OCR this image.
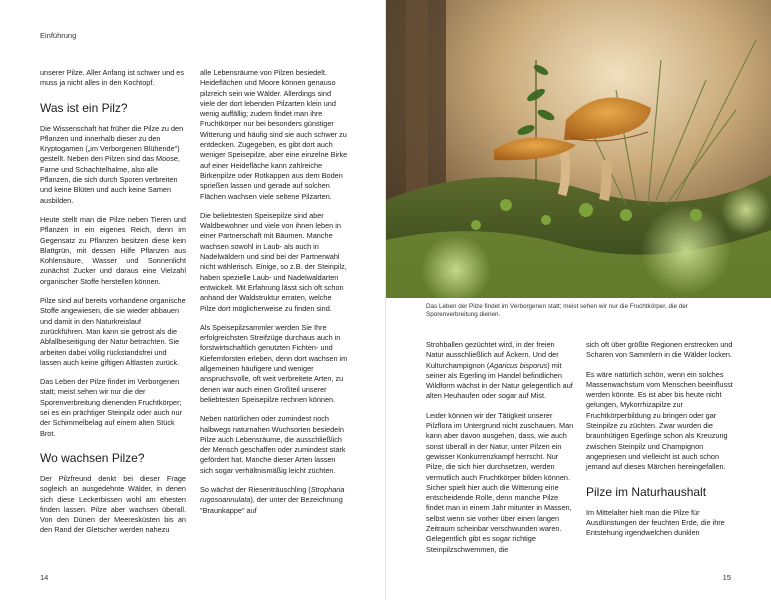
Einführung

unserer Pilze. Aller Anfang ist schwer und es muss ja nicht alles in den Kochtopf.

Was ist ein Pilz?

Die Wissenschaft hat früher die Pilze zu den Pflanzen und innerhalb dieser zu den Kryptogamen („im Verborgenen Blühende") gestellt. Neben den Pilzen sind das Moose, Farne und Schachtelhalme, also alle Pflanzen, die sich durch Sporen verbreiten und keine Blüten und auch keine Samen ausbilden.

Heute stellt man die Pilze neben Tieren und Pflanzen in ein eigenes Reich, denn im Gegensatz zu Pflanzen besitzen diese kein Blattgrün, mit dessen Hilfe Pflanzen aus Kohlensäure, Wasser und Sonnenlicht zunächst Zucker und daraus eine Vielzahl organischer Stoffe herstellen können.

Pilze sind auf bereits vorhandene organische Stoffe angewiesen, die sie wieder abbauen und damit in den Naturkreislauf zurückführen. Man kann sie getrost als die Abfallbeseitigung der Natur betrachten. Sie arbeiten dabei völlig rückstandsfrei und lassen auch keine giftigen Altlasten zurück.

Das Leben der Pilze findet im Verborgenen statt; meist sehen wir nur die der Sporenverbreitung dienenden Fruchtkörper; sei es ein prächtiger Steinpilz oder auch nur der Schimmelbelag auf einem alten Stück Brot.

Wo wachsen Pilze?

Der Pilzfreund denkt bei dieser Frage sogleich an ausgedehnte Wälder, in denen sich diese Leckerbissen wohl am ehesten finden lassen. Pilze aber wachsen überall. Von den Dünen der Meeresküsten bis an den Rand der Gletscher werden nahezu

alle Lebensräume von Pilzen besiedelt. Heideflächen und Moore können genauso pilzreich sein wie Wälder. Allerdings sind viele der dort lebenden Pilzarten klein und wenig auffällig; zudem findet man ihre Fruchtkörper nur bei besonders günstiger Witterung und häufig sind sie auch schwer zu entdecken. Zugegeben, es gibt dort auch weniger Speisepilze, aber eine einzelne Birke auf einer Heidefläche kann zahlreiche Birkenpilze oder Rotkappen aus dem Boden sprießen lassen und gerade auf solchen Flächen wachsen viele seltene Pilzarten.

Die beliebtesten Speisepilze sind aber Waldbewohner und viele von ihnen leben in einer Partnerschaft mit Bäumen. Manche wachsen sowohl in Laub- als auch in Nadelwäldern und sind bei der Partnerwahl nicht wählerisch. Einige, so z.B. der Steinpilz, haben spezielle Laub- und Nadelwaldarten entwickelt. Mit Erfahrung lässt sich oft schon anhand der Waldstruktur erraten, welche Pilze dort möglicherweise zu finden sind.

Als Speisepilzsammler werden Sie Ihre erfolgreichsten Streifzüge durchaus auch in forstwirtschaftlich genutzten Fichten- und Kiefernforsten erleben, denn dort wachsen im allgemeinen häufigere und weniger anspruchsvolle, oft weit verbreitete Arten, zu denen war auch einen Großteil unserer beliebtesten Speisepilze rechnen können.

Neben natürlichen oder zumindest noch halbwegs naturnahen Wuchsorten besiedeln Pilze auch Lebensräume, die ausschließlich der Mensch geschaffen oder zumindest stark gefördert hat. Manche dieser Arten lassen sich sogar verhältnismäßig leicht züchten.

So wächst der Riesenträuschling (Stropharia rugosoannulata), der unter der Bezeichnung "Braunkappe" auf

14
Das Leben der Pilze findet im Verborgenen statt; meist sehen wir nur die Fruchtkörper, die der Sporenverbreitung dienen.

Strohballen gezüchtet wird, in der freien Natur ausschließlich auf Äckern. Und der Kulturchampignon (Agaricus bisporus) mit seiner als Egerling im Handel befindlichen Wildform wächst in der Natur gelegentlich auf alten Heuhaufen oder sogar auf Mist.

Leider können wir der Tätigkeit unserer Pilzflora im Untergrund nicht zuschauen. Man kann aber davon ausgehen, dass, wie auch sonst überall in der Natur, unter Pilzen ein gewisser Konkurrenzkampf herrscht. Nur Pilze, die sich hier durchsetzen, werden vermutlich auch Fruchtkörper bilden können. Sicher spielt hier auch die Witterung eine entscheidende Rolle, denn manche Pilze findet man in einem Jahr mitunter in Massen, selbst wenn sie vorher über einen langen Zeitraum scheinbar verschwunden waren. Gelegentlich gibt es sogar richtige Steinpilzschwemmen, die

sich oft über größte Regionen erstrecken und Scharen von Sammlern in die Wälder locken.

Es wäre natürlich schön, wenn ein solches Massenwachstum vom Menschen beeinflusst werden könnte. Es ist aber bis heute nicht gelungen, Mykorrhizapilze zur Fruchtkörperbildung zu bringen oder gar Steinpilze zu züchten. Zwar wurden die braunhütigen Egerlinge schon als Kreuzung zwischen Steinpilz und Champignon angepriesen und vielleicht ist auch schon jemand auf dieses Märchen hereingefallen.

Pilze im Naturhaushalt

Im Mittelalter hielt man die Pilze für Ausdünstungen der feuchten Erde, die ihre Entstehung irgendwelchen dunklen

15
